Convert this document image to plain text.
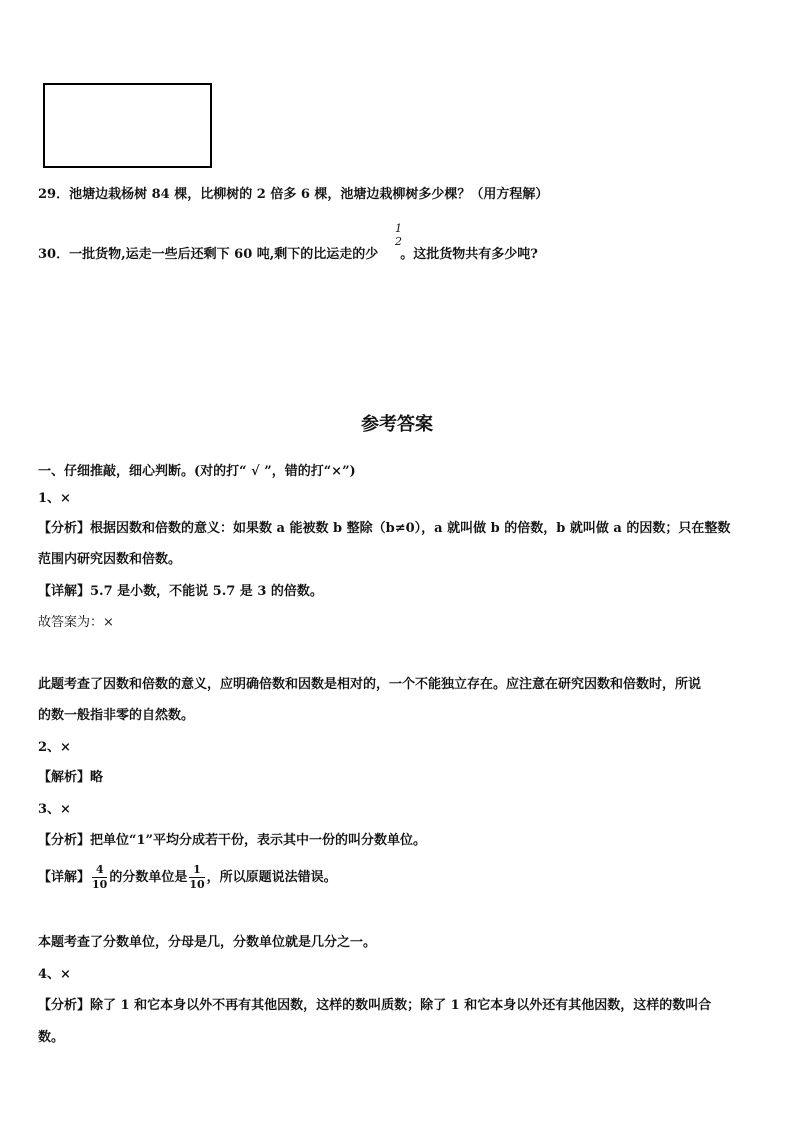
29．池塘边栽杨树 84 棵，比柳树的 2 倍多 6 棵，池塘边栽柳树多少棵？（用方程解）
30．一批货物,运走一些后还剩下 60 吨,剩下的比运走的少 。这批货物共有多少吨?
1
2
参考答案
一、仔细推敲，细心判断。(对的打“ √ ”，错的打“×”)
1、×
【分析】根据因数和倍数的意义：如果数 a 能被数 b 整除（b≠0），a 就叫做 b 的倍数，b 就叫做 a 的因数；只在整数
范围内研究因数和倍数。
【详解】5.7 是小数，不能说 5.7 是 3 的倍数。
故答案为：×
此题考查了因数和倍数的意义，应明确倍数和因数是相对的，一个不能独立存在。应注意在研究因数和倍数时，所说
的数一般指非零的自然数。
2、×
【解析】略
3、×
【分析】把单位“1”平均分成若干份，表示其中一份的叫分数单位。
【详解】 $\frac{4}{10}$ 的分数单位是 $\frac{1}{10}$ ，所以原题说法错误。
本题考查了分数单位，分母是几，分数单位就是几分之一。
4、×
【分析】除了 1 和它本身以外不再有其他因数，这样的数叫质数；除了 1 和它本身以外还有其他因数，这样的数叫合
数。
